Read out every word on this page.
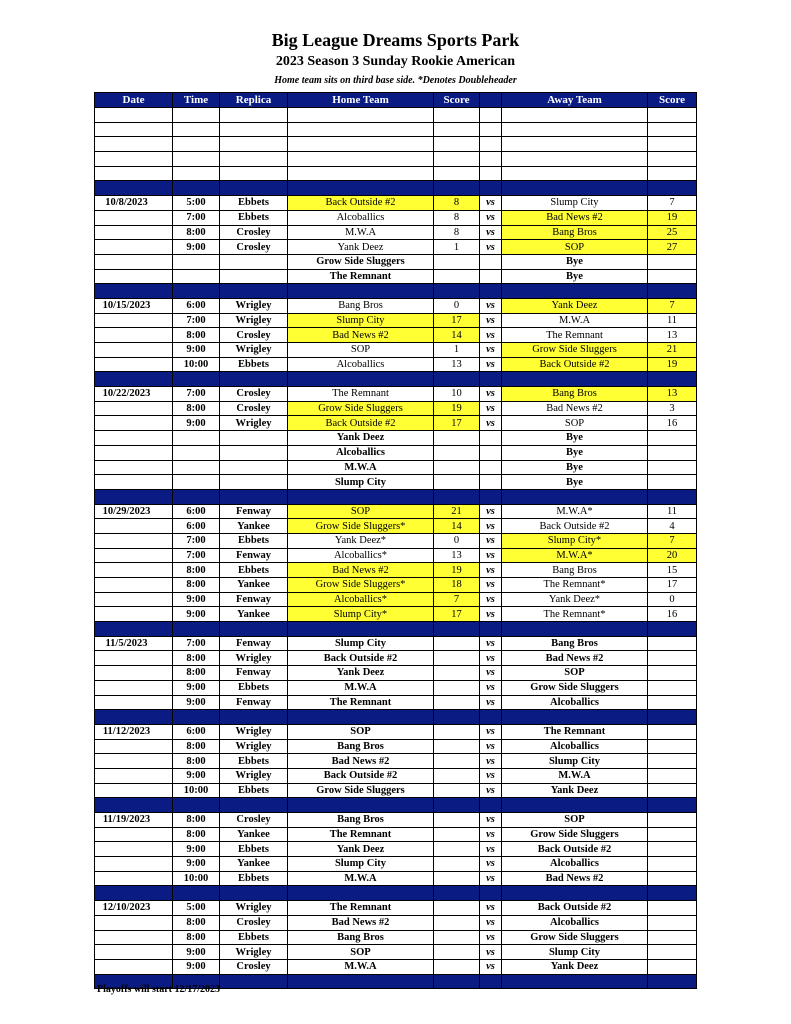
Big League Dreams Sports Park
2023 Season 3 Sunday Rookie American
Home team sits on third base side. *Denotes Doubleheader
Date	Time	Replica	Home Team	Score		Away Team	Score

10/8/2023	5:00	Ebbets	Back Outside #2	8	vs	Slump City	7
	7:00	Ebbets	Alcoballics	8	vs	Bad News #2	19
	8:00	Crosley	M.W.A	8	vs	Bang Bros	25
	9:00	Crosley	Yank Deez	1	vs	SOP	27
			Grow Side Sluggers			Bye	
			The Remnant			Bye	

10/15/2023	6:00	Wrigley	Bang Bros	0	vs	Yank Deez	7
	7:00	Wrigley	Slump City	17	vs	M.W.A	11
	8:00	Crosley	Bad News #2	14	vs	The Remnant	13
	9:00	Wrigley	SOP	1	vs	Grow Side Sluggers	21
	10:00	Ebbets	Alcoballics	13	vs	Back Outside #2	19

10/22/2023	7:00	Crosley	The Remnant	10	vs	Bang Bros	13
	8:00	Crosley	Grow Side Sluggers	19	vs	Bad News #2	3
	9:00	Wrigley	Back Outside #2	17	vs	SOP	16
			Yank Deez			Bye	
			Alcoballics			Bye	
			M.W.A			Bye	
			Slump City			Bye	

10/29/2023	6:00	Fenway	SOP	21	vs	M.W.A*	11
	6:00	Yankee	Grow Side Sluggers*	14	vs	Back Outside #2	4
	7:00	Ebbets	Yank Deez*	0	vs	Slump City*	7
	7:00	Fenway	Alcoballics*	13	vs	M.W.A*	20
	8:00	Ebbets	Bad News #2	19	vs	Bang Bros	15
	8:00	Yankee	Grow Side Sluggers*	18	vs	The Remnant*	17
	9:00	Fenway	Alcoballics*	7	vs	Yank Deez*	0
	9:00	Yankee	Slump City*	17	vs	The Remnant*	16

11/5/2023	7:00	Fenway	Slump City		vs	Bang Bros	
	8:00	Wrigley	Back Outside #2		vs	Bad News #2	
	8:00	Fenway	Yank Deez		vs	SOP	
	9:00	Ebbets	M.W.A		vs	Grow Side Sluggers	
	9:00	Fenway	The Remnant		vs	Alcoballics	

11/12/2023	6:00	Wrigley	SOP		vs	The Remnant	
	8:00	Wrigley	Bang Bros		vs	Alcoballics	
	8:00	Ebbets	Bad News #2		vs	Slump City	
	9:00	Wrigley	Back Outside #2		vs	M.W.A	
	10:00	Ebbets	Grow Side Sluggers		vs	Yank Deez	

11/19/2023	8:00	Crosley	Bang Bros		vs	SOP	
	8:00	Yankee	The Remnant		vs	Grow Side Sluggers	
	9:00	Ebbets	Yank Deez		vs	Back Outside #2	
	9:00	Yankee	Slump City		vs	Alcoballics	
	10:00	Ebbets	M.W.A		vs	Bad News #2	

12/10/2023	5:00	Wrigley	The Remnant		vs	Back Outside #2	
	8:00	Crosley	Bad News #2		vs	Alcoballics	
	8:00	Ebbets	Bang Bros		vs	Grow Side Sluggers	
	9:00	Wrigley	SOP		vs	Slump City	
	9:00	Crosley	M.W.A		vs	Yank Deez	

Playoffs will start 12/17/2023
